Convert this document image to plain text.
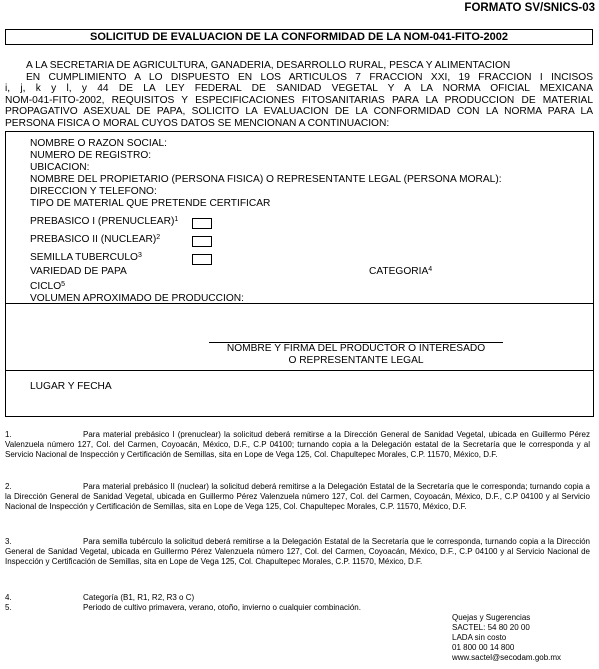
FORMATO SV/SNICS-03
SOLICITUD DE EVALUACION DE LA CONFORMIDAD DE LA NOM-041-FITO-2002
A LA SECRETARIA DE AGRICULTURA, GANADERIA, DESARROLLO RURAL, PESCA Y ALIMENTACION
EN CUMPLIMIENTO A LO DISPUESTO EN LOS ARTICULOS 7 FRACCION XXI, 19 FRACCION I INCISOS
i, j, k y l, y 44 DE LA LEY FEDERAL DE SANIDAD VEGETAL Y A LA NORMA OFICIAL MEXICANA
NOM-041-FITO-2002, REQUISITOS Y ESPECIFICACIONES FITOSANITARIAS PARA LA PRODUCCION DE MATERIAL
PROPAGATIVO ASEXUAL DE PAPA, SOLICITO LA EVALUACION DE LA CONFORMIDAD CON LA NORMA PARA LA
PERSONA FISICA O MORAL CUYOS DATOS SE MENCIONAN A CONTINUACION:
NOMBRE O RAZON SOCIAL:
NUMERO DE REGISTRO:
UBICACION:
NOMBRE DEL PROPIETARIO (PERSONA FISICA) O REPRESENTANTE LEGAL (PERSONA MORAL):
DIRECCION Y TELEFONO:
TIPO DE MATERIAL QUE PRETENDE CERTIFICAR
PREBASICO I (PRENUCLEAR)$^1$
PREBASICO II (NUCLEAR)$^2$
SEMILLA TUBERCULO$^3$
VARIEDAD DE PAPA	CATEGORIA$^4$
CICLO$^5$
VOLUMEN APROXIMADO DE PRODUCCION:
NOMBRE Y FIRMA DEL PRODUCTOR O INTERESADO
O REPRESENTANTE LEGAL
LUGAR Y FECHA
1.	Para material prebásico I (prenuclear) la solicitud deberá remitirse a la Dirección General de Sanidad Vegetal, ubicada en Guillermo Pérez Valenzuela número 127, Col. del Carmen, Coyoacán, México, D.F., C.P 04100; turnando copia a la Delegación estatal de la Secretaría que le corresponda y al Servicio Nacional de Inspección y Certificación de Semillas, sita en Lope de Vega 125, Col. Chapultepec Morales, C.P. 11570, México, D.F.
2.	Para material prebásico II (nuclear) la solicitud deberá remitirse a la Delegación Estatal de la Secretaría que le corresponda; turnando copia a la Dirección General de Sanidad Vegetal, ubicada en Guillermo Pérez Valenzuela número 127, Col. del Carmen, Coyoacán, México, D.F., C.P 04100 y al Servicio Nacional de Inspección y Certificación de Semillas, sita en Lope de Vega 125, Col. Chapultepec Morales, C.P. 11570, México, D.F.
3.	Para semilla tubérculo la solicitud deberá remitirse a la Delegación Estatal de la Secretaría que le corresponda, turnando copia a la Dirección General de Sanidad Vegetal, ubicada en Guillermo Pérez Valenzuela número 127, Col. del Carmen, Coyoacán, México, D.F., C.P 04100 y al Servicio Nacional de Inspección y Certificación de Semillas, sita en Lope de Vega 125, Col. Chapultepec Morales, C.P. 11570, México, D.F.
4.	Categoría (B1, R1, R2, R3 o C)
5.	Periodo de cultivo primavera, verano, otoño, invierno o cualquier combinación.
Quejas y Sugerencias
SACTEL: 54 80 20 00
LADA sin costo
01 800 00 14 800
www.sactel@secodam.gob.mx
